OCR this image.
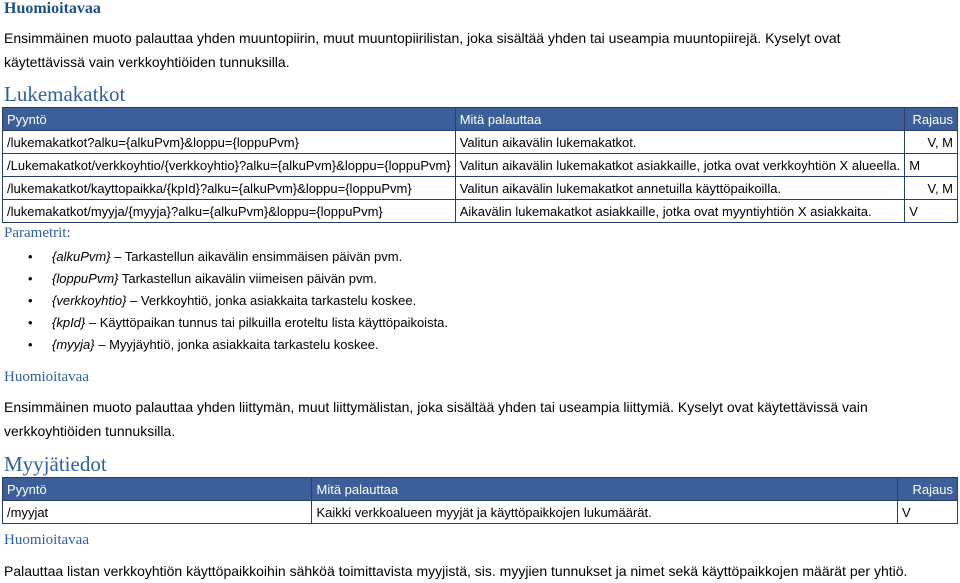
Huomioitavaa
Ensimmäinen muoto palauttaa yhden muuntopiirin, muut muuntopiirilistan, joka sisältää yhden tai useampia muuntopiirejä. Kyselyt ovat käytettävissä vain verkkoyhtiöiden tunnuksilla.
Lukemakatkot
Pyyntö	Mitä palauttaa	Rajaus
/lukemakatkot?alku={alkuPvm}&loppu={loppuPvm}	Valitun aikavälin lukemakatkot.	V, M
/Lukemakatkot/verkkoyhtio/{verkkoyhtio}?alku={alkuPvm}&loppu={loppuPvm}	Valitun aikavälin lukemakatkot asiakkaille, jotka ovat verkkoyhtiön X alueella.	M
/lukemakatkot/kayttopaikka/{kpId}?alku={alkuPvm}&loppu={loppuPvm}	Valitun aikavälin lukemakatkot annetuilla käyttöpaikoilla.	V, M
/lukemakatkot/myyja/{myyja}?alku={alkuPvm}&loppu={loppuPvm}	Aikavälin lukemakatkot asiakkaille, jotka ovat myyntiyhtiön X asiakkaita.	V
Parametrit:
• {alkuPvm} – Tarkastellun aikavälin ensimmäisen päivän pvm.
• {loppuPvm} Tarkastellun aikavälin viimeisen päivän pvm.
• {verkkoyhtio} – Verkkoyhtiö, jonka asiakkaita tarkastelu koskee.
• {kpId} – Käyttöpaikan tunnus tai pilkuilla eroteltu lista käyttöpaikoista.
• {myyja} – Myyjäyhtiö, jonka asiakkaita tarkastelu koskee.
Huomioitavaa
Ensimmäinen muoto palauttaa yhden liittymän, muut liittymälistan, joka sisältää yhden tai useampia liittymiä. Kyselyt ovat käytettävissä vain verkkoyhtiöiden tunnuksilla.
Myyjätiedot
Pyyntö	Mitä palauttaa	Rajaus
/myyjat	Kaikki verkkoalueen myyjät ja käyttöpaikkojen lukumäärät.	V
Huomioitavaa
Palauttaa listan verkkoyhtiön käyttöpaikkoihin sähköä toimittavista myyjistä, sis. myyjien tunnukset ja nimet sekä käyttöpaikkojen määrät per yhtiö.
